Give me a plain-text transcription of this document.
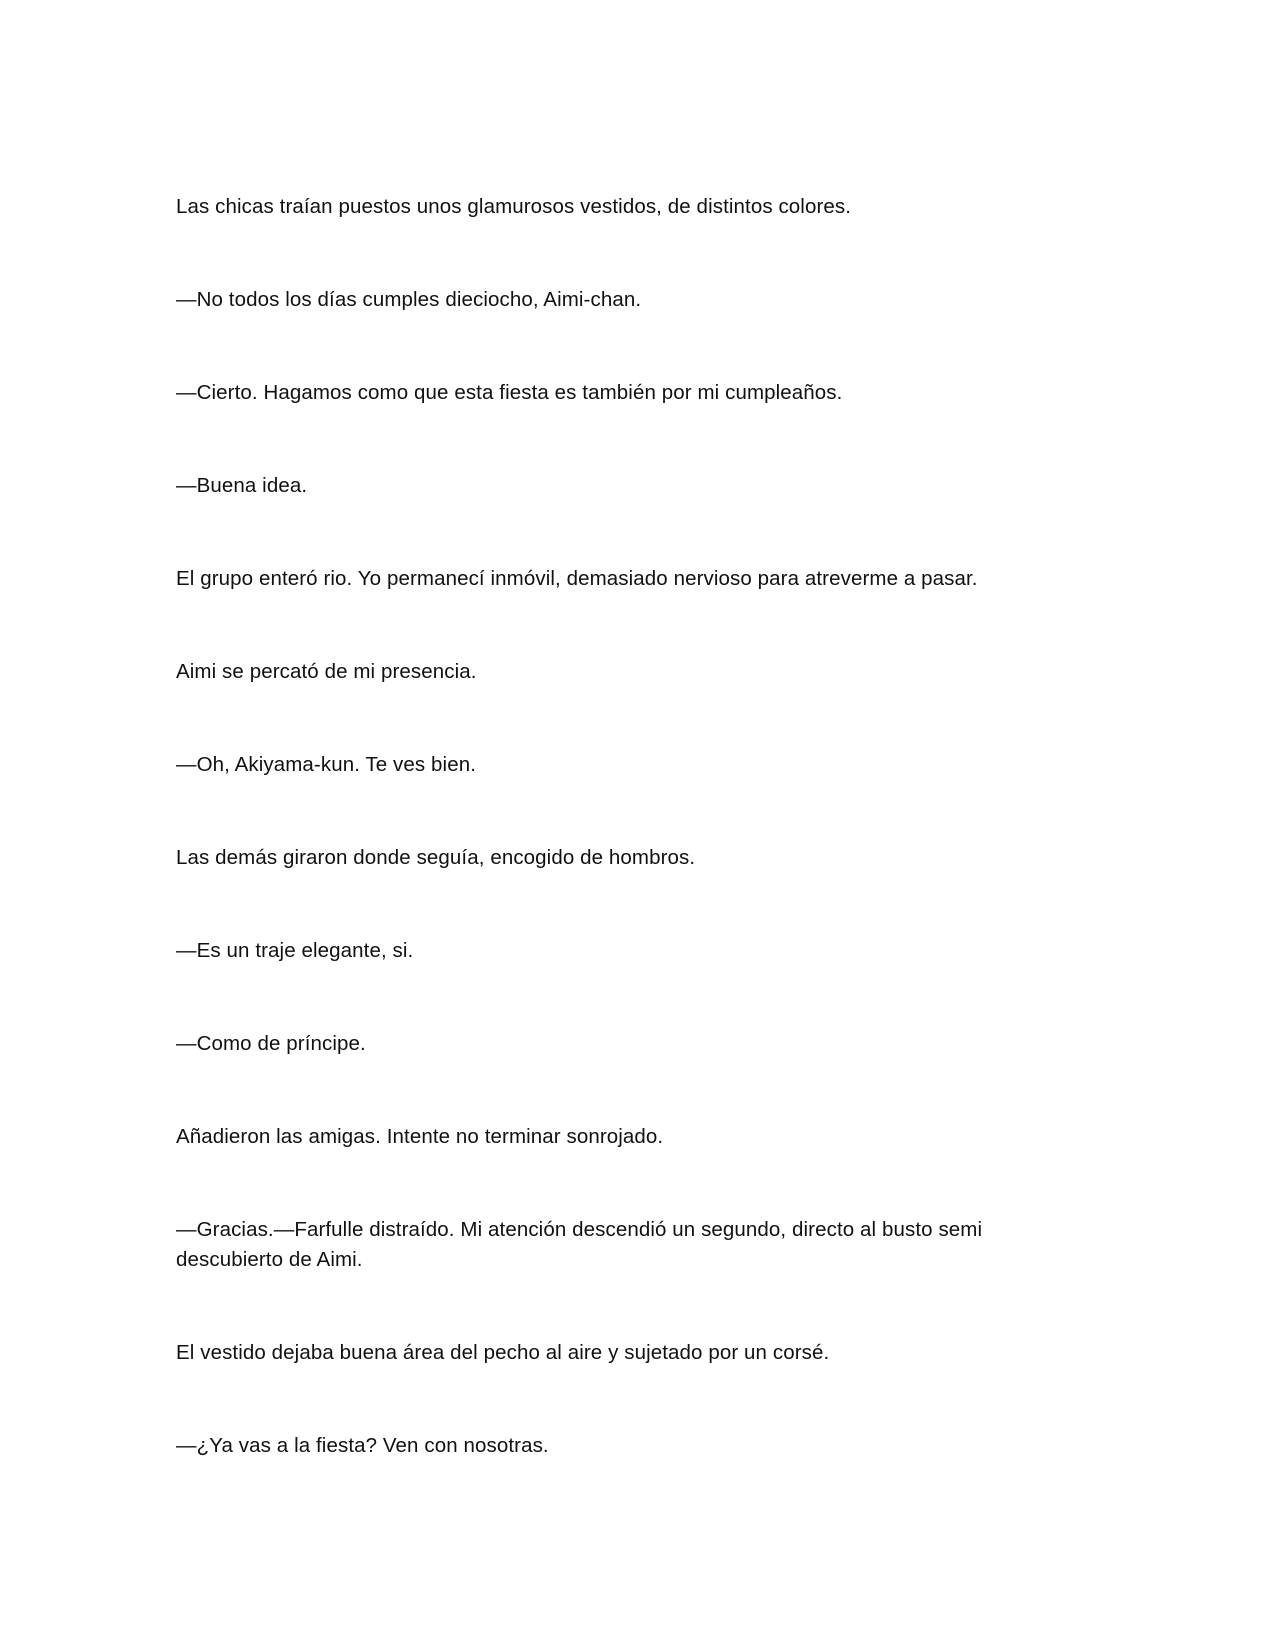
Las chicas traían puestos unos glamurosos vestidos, de distintos colores.

—No todos los días cumples dieciocho, Aimi-chan.

—Cierto. Hagamos como que esta fiesta es también por mi cumpleaños.

—Buena idea.

El grupo enteró rio. Yo permanecí inmóvil, demasiado nervioso para atreverme a pasar.

Aimi se percató de mi presencia.

—Oh, Akiyama-kun. Te ves bien.

Las demás giraron donde seguía, encogido de hombros.

—Es un traje elegante, si.

—Como de príncipe.

Añadieron las amigas. Intente no terminar sonrojado.

—Gracias.—Farfulle distraído. Mi atención descendió un segundo, directo al busto semi descubierto de Aimi.

El vestido dejaba buena área del pecho al aire y sujetado por un corsé.

—¿Ya vas a la fiesta? Ven con nosotras.
